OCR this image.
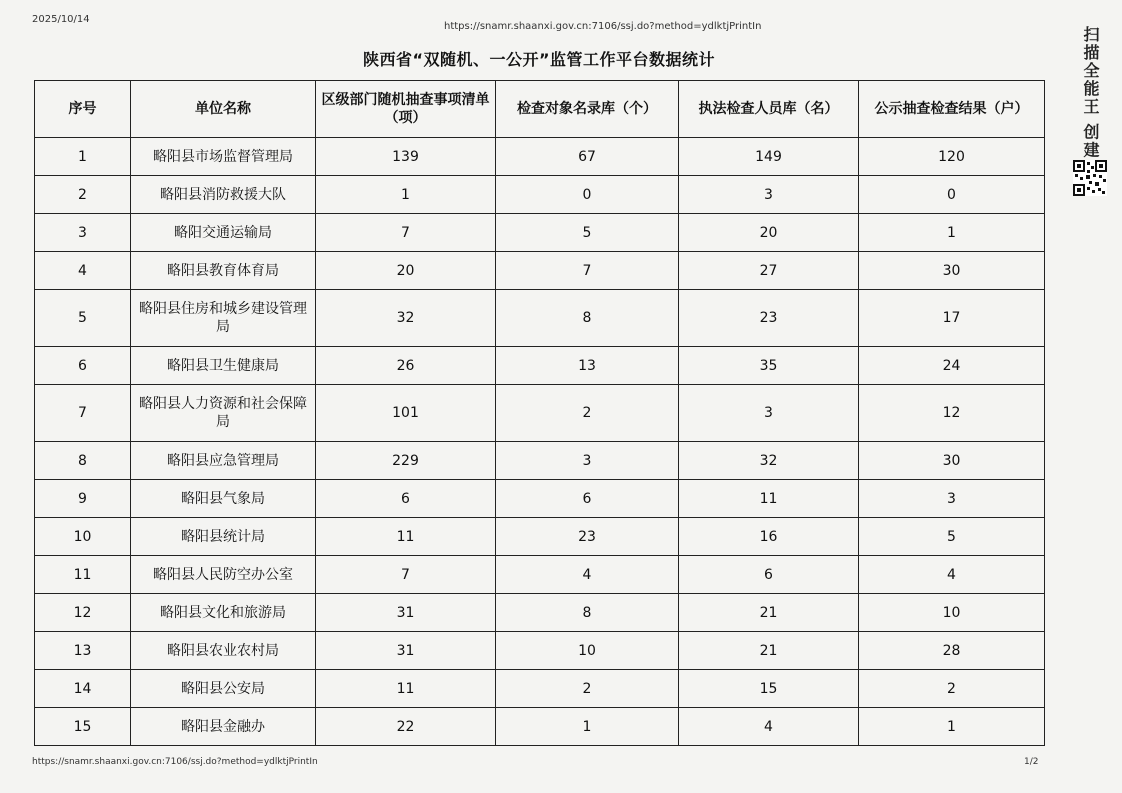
2025/10/14
https://snamr.shaanxi.gov.cn:7106/ssj.do?method=ydlktjPrintIn
陕西省“双随机、一公开”监管工作平台数据统计
序号	单位名称	区级部门随机抽查事项清单（项）	检查对象名录库（个）	执法检查人员库（名）	公示抽查检查结果（户）
1	略阳县市场监督管理局	139	67	149	120
2	略阳县消防救援大队	1	0	3	0
3	略阳交通运输局	7	5	20	1
4	略阳县教育体育局	20	7	27	30
5	略阳县住房和城乡建设管理局	32	8	23	17
6	略阳县卫生健康局	26	13	35	24
7	略阳县人力资源和社会保障局	101	2	3	12
8	略阳县应急管理局	229	3	32	30
9	略阳县气象局	6	6	11	3
10	略阳县统计局	11	23	16	5
11	略阳县人民防空办公室	7	4	6	4
12	略阳县文化和旅游局	31	8	21	10
13	略阳县农业农村局	31	10	21	28
14	略阳县公安局	11	2	15	2
15	略阳县金融办	22	1	4	1
https://snamr.shaanxi.gov.cn:7106/ssj.do?method=ydlktjPrintIn	1/2
扫描全能王 创建
